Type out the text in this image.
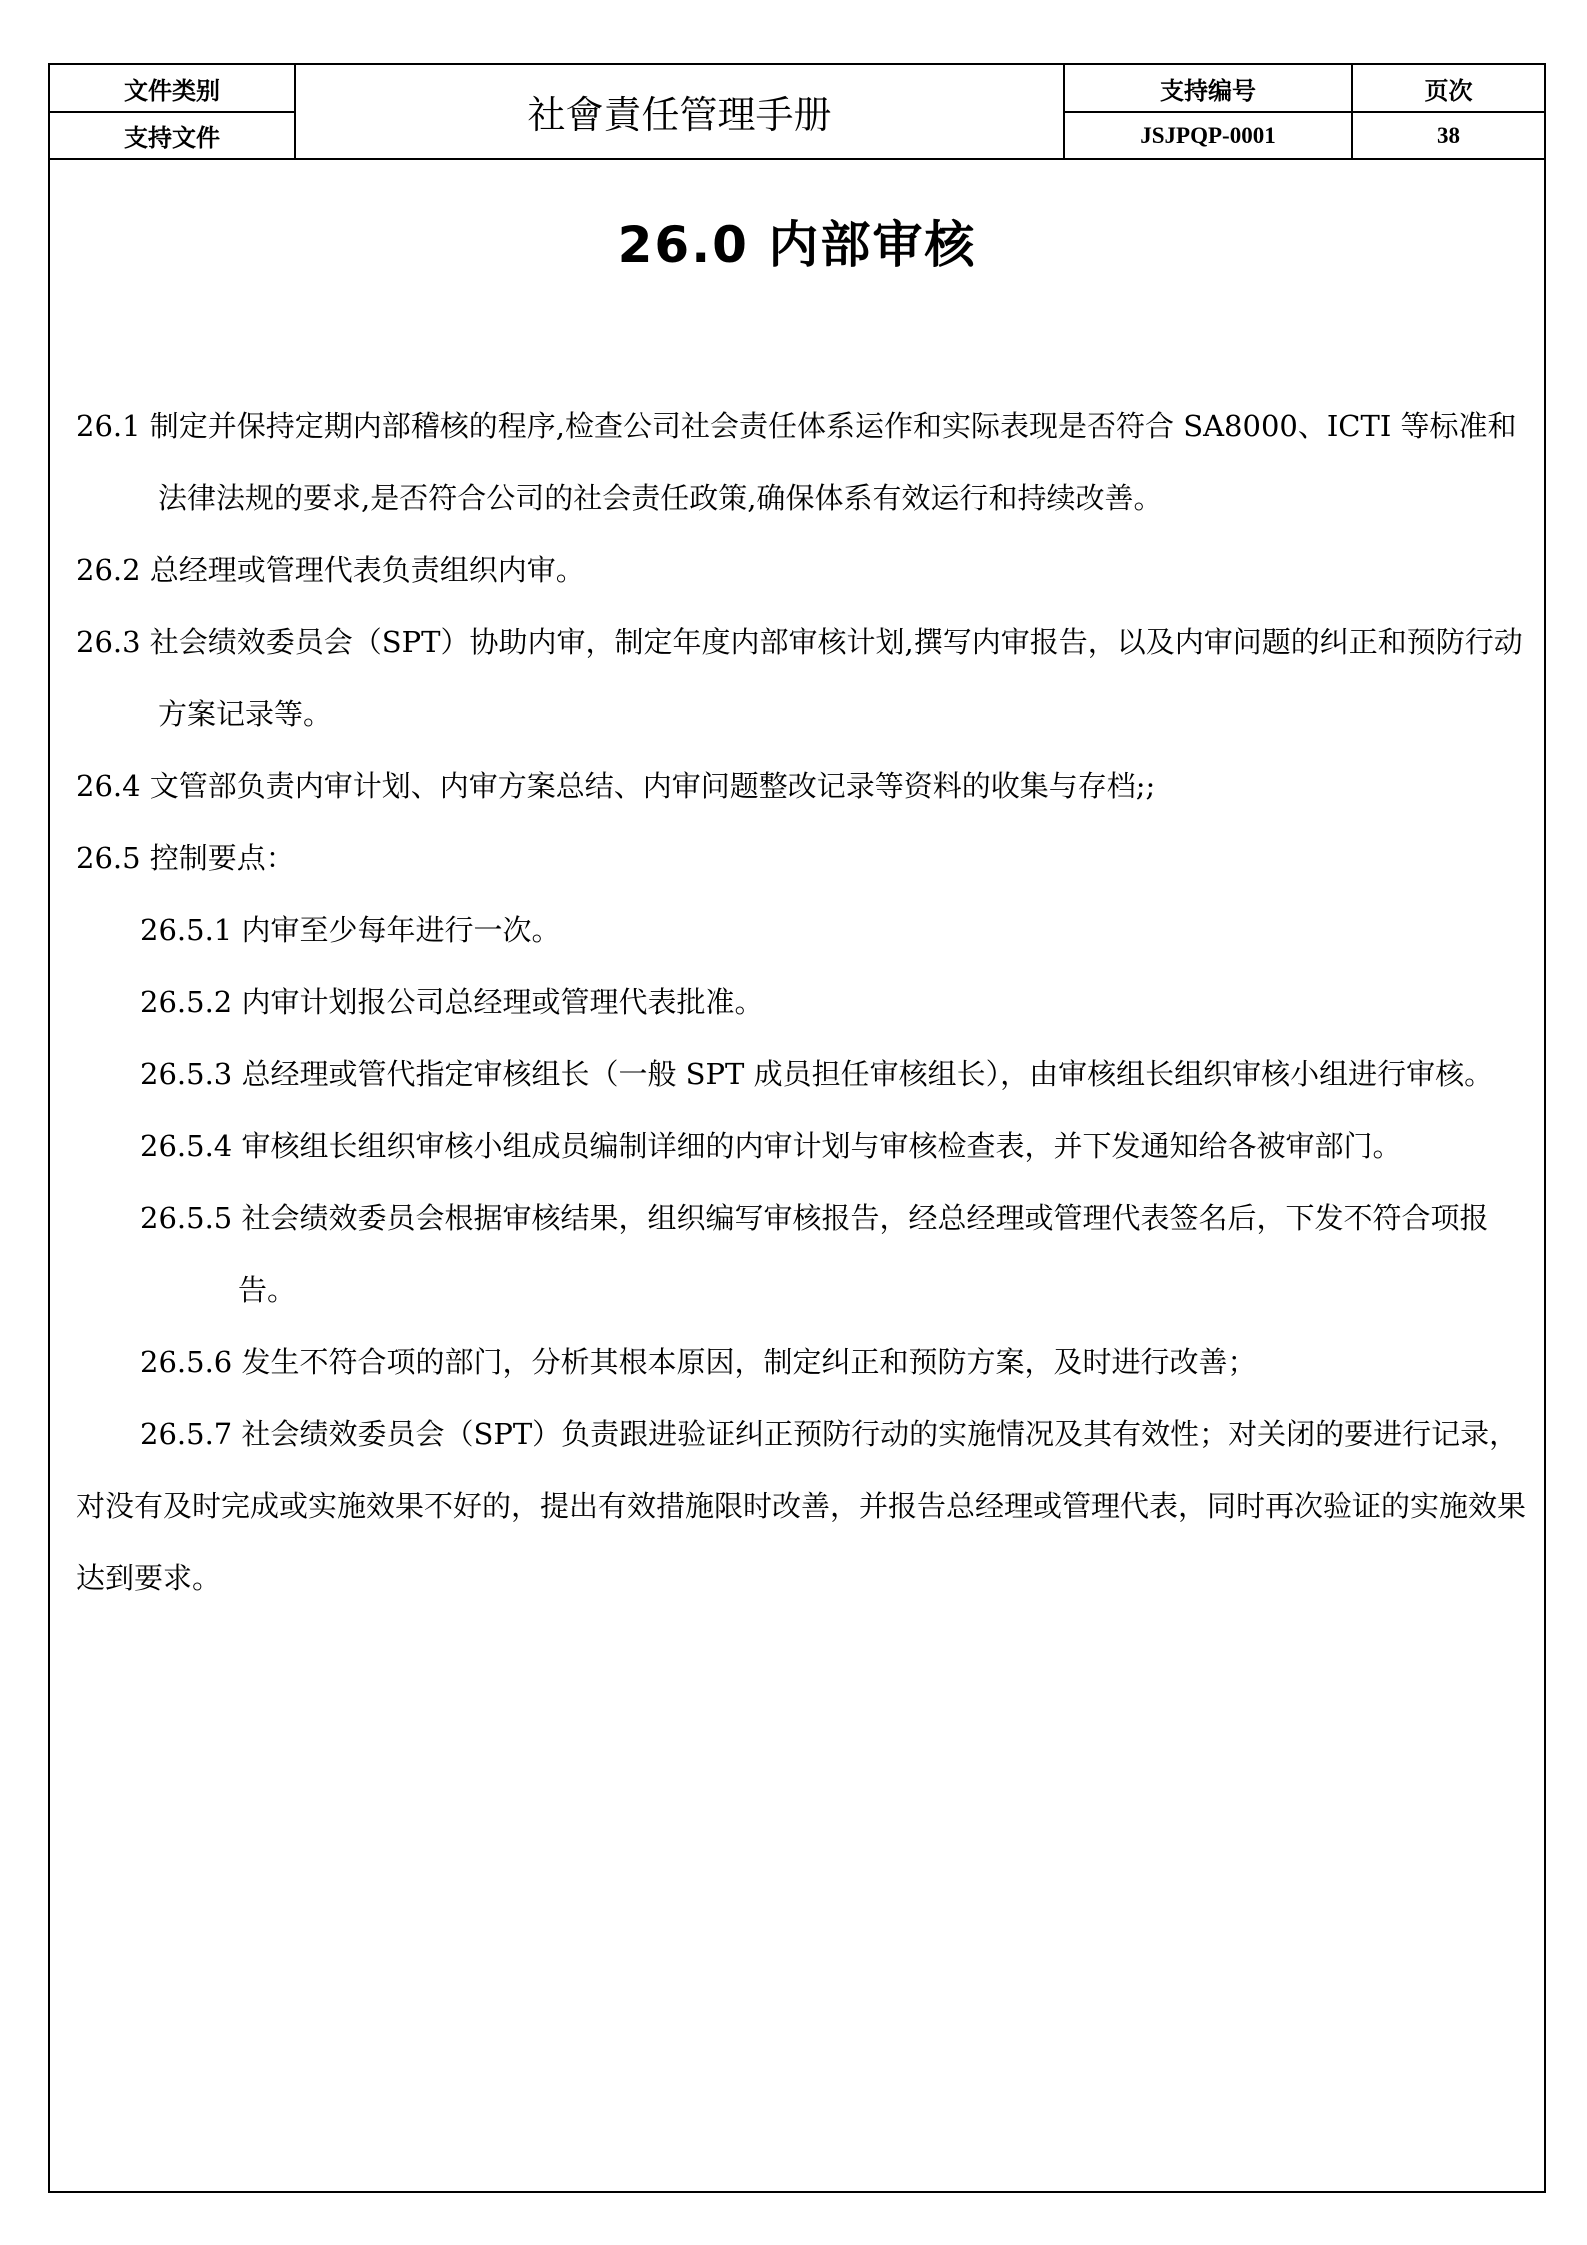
文件类别	社會責任管理手册	支持编号	页次
支持文件		JSJPQP-0001	38
26.0 内部审核

26.1 制定并保持定期内部稽核的程序,检查公司社会责任体系运作和实际表现是否符合 SA8000、ICTI 等标准和法律法规的要求,是否符合公司的社会责任政策,确保体系有效运行和持续改善。

26.2 总经理或管理代表负责组织内审。

26.3 社会绩效委员会（SPT）协助内审，制定年度内部审核计划,撰写内审报告，以及内审问题的纠正和预防行动方案记录等。

26.4 文管部负责内审计划、内审方案总结、内审问题整改记录等资料的收集与存档;;

26.5 控制要点：

26.5.1 内审至少每年进行一次。

26.5.2 内审计划报公司总经理或管理代表批准。

26.5.3 总经理或管代指定审核组长（一般 SPT 成员担任审核组长），由审核组长组织审核小组进行审核。

26.5.4 审核组长组织审核小组成员编制详细的内审计划与审核检查表，并下发通知给各被审部门。

26.5.5 社会绩效委员会根据审核结果，组织编写审核报告，经总经理或管理代表签名后，下发不符合项报告。

26.5.6 发生不符合项的部门，分析其根本原因，制定纠正和预防方案，及时进行改善；

26.5.7 社会绩效委员会（SPT）负责跟进验证纠正预防行动的实施情况及其有效性；对关闭的要进行记录，对没有及时完成或实施效果不好的，提出有效措施限时改善，并报告总经理或管理代表，同时再次验证的实施效果达到要求。
